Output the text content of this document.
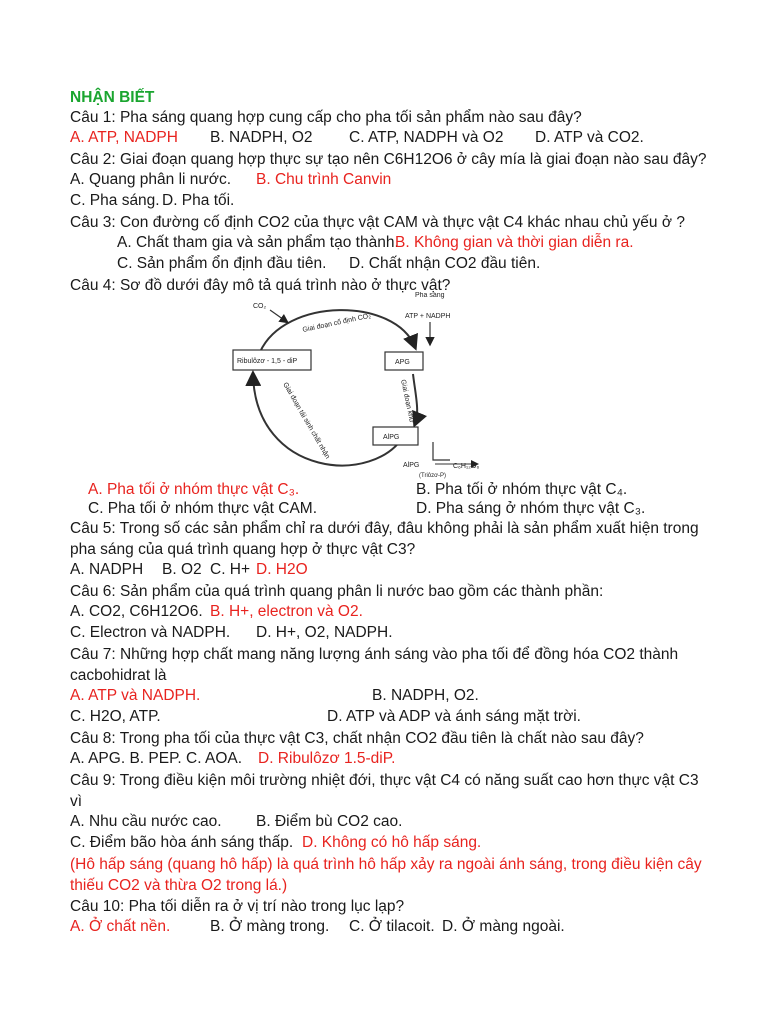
NHẬN BIẾT
Câu 1: Pha sáng quang hợp cung cấp cho pha tối sản phẩm nào sau đây?
A. ATP, NADPH B. NADPH, O2 C. ATP, NADPH và O2 D. ATP và CO2.
Câu 2: Giai đoạn quang hợp thực sự tạo nên C6H12O6 ở cây mía là giai đoạn nào sau đây?
A. Quang phân li nước. B. Chu trình Canvin
C. Pha sáng. D. Pha tối.
Câu 3: Con đường cố định CO2 của thực vật CAM và thực vật C4 khác nhau chủ yếu ở ?
A. Chất tham gia và sản phẩm tạo thành.
B. Không gian và thời gian diễn ra.
C. Sản phẩm ổn định đầu tiên. D. Chất nhận CO2 đầu tiên.
Câu 4: Sơ đồ dưới đây mô tả quá trình nào ở thực vật?
CO₂
Pha sáng
ATP + NADPH
Ribulôzơ - 1,5 - diP	APG
AlPG
Giai đoạn cố định CO₂
Giai đoạn khử
Giai đoạn tái sinh chất nhận
AlPG	C₆H₁₂O₆
(Triôzơ-P)
A. Pha tối ở nhóm thực vật C₃.	B. Pha tối ở nhóm thực vật C₄.
C. Pha tối ở nhóm thực vật CAM.	D. Pha sáng ở nhóm thực vật C₃.
Câu 5: Trong số các sản phẩm chỉ ra dưới đây, đâu không phải là sản phẩm xuất hiện trong
pha sáng của quá trình quang hợp ở thực vật C3?
A. NADPH B. O2 C. H+ D. H2O
Câu 6: Sản phẩm của quá trình quang phân li nước bao gồm các thành phần:
A. CO2, C6H12O6. B. H+, electron và O2.
C. Electron và NADPH. D. H+, O2, NADPH.
Câu 7: Những hợp chất mang năng lượng ánh sáng vào pha tối để đồng hóa CO2 thành
cacbohidrat là
A. ATP và NADPH.	B. NADPH, O2.
C. H2O, ATP.	D. ATP và ADP và ánh sáng mặt trời.
Câu 8: Trong pha tối của thực vật C3, chất nhận CO2 đầu tiên là chất nào sau đây?
A. APG. B. PEP. C. AOA. D. Ribulôzơ 1.5-diP.
Câu 9: Trong điều kiện môi trường nhiệt đới, thực vật C4 có năng suất cao hơn thực vật C3
vì
A. Nhu cầu nước cao. B. Điểm bù CO2 cao.
C. Điểm bão hòa ánh sáng thấp. D. Không có hô hấp sáng.
(Hô hấp sáng (quang hô hấp) là quá trình hô hấp xảy ra ngoài ánh sáng, trong điều kiện cây
thiếu CO2 và thừa O2 trong lá.)
Câu 10: Pha tối diễn ra ở vị trí nào trong lục lạp?
A. Ở chất nền.	B. Ở màng trong. C. Ở tilacoit. D. Ở màng ngoài.
